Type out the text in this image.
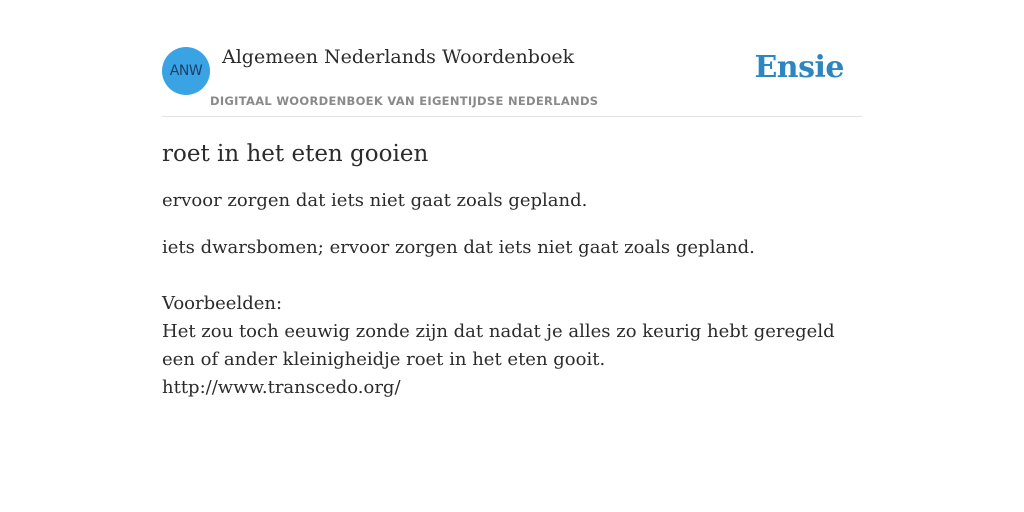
ANW
Algemeen Nederlands Woordenboek
DIGITAAL WOORDENBOEK VAN EIGENTIJDSE NEDERLANDS
Ensie
roet in het eten gooien

ervoor zorgen dat iets niet gaat zoals gepland.

iets dwarsbomen; ervoor zorgen dat iets niet gaat zoals gepland.

Voorbeelden:

Het zou toch eeuwig zonde zijn dat nadat je alles zo keurig hebt geregeld een of ander kleinigheidje roet in het eten gooit.

http://www.transcedo.org/
